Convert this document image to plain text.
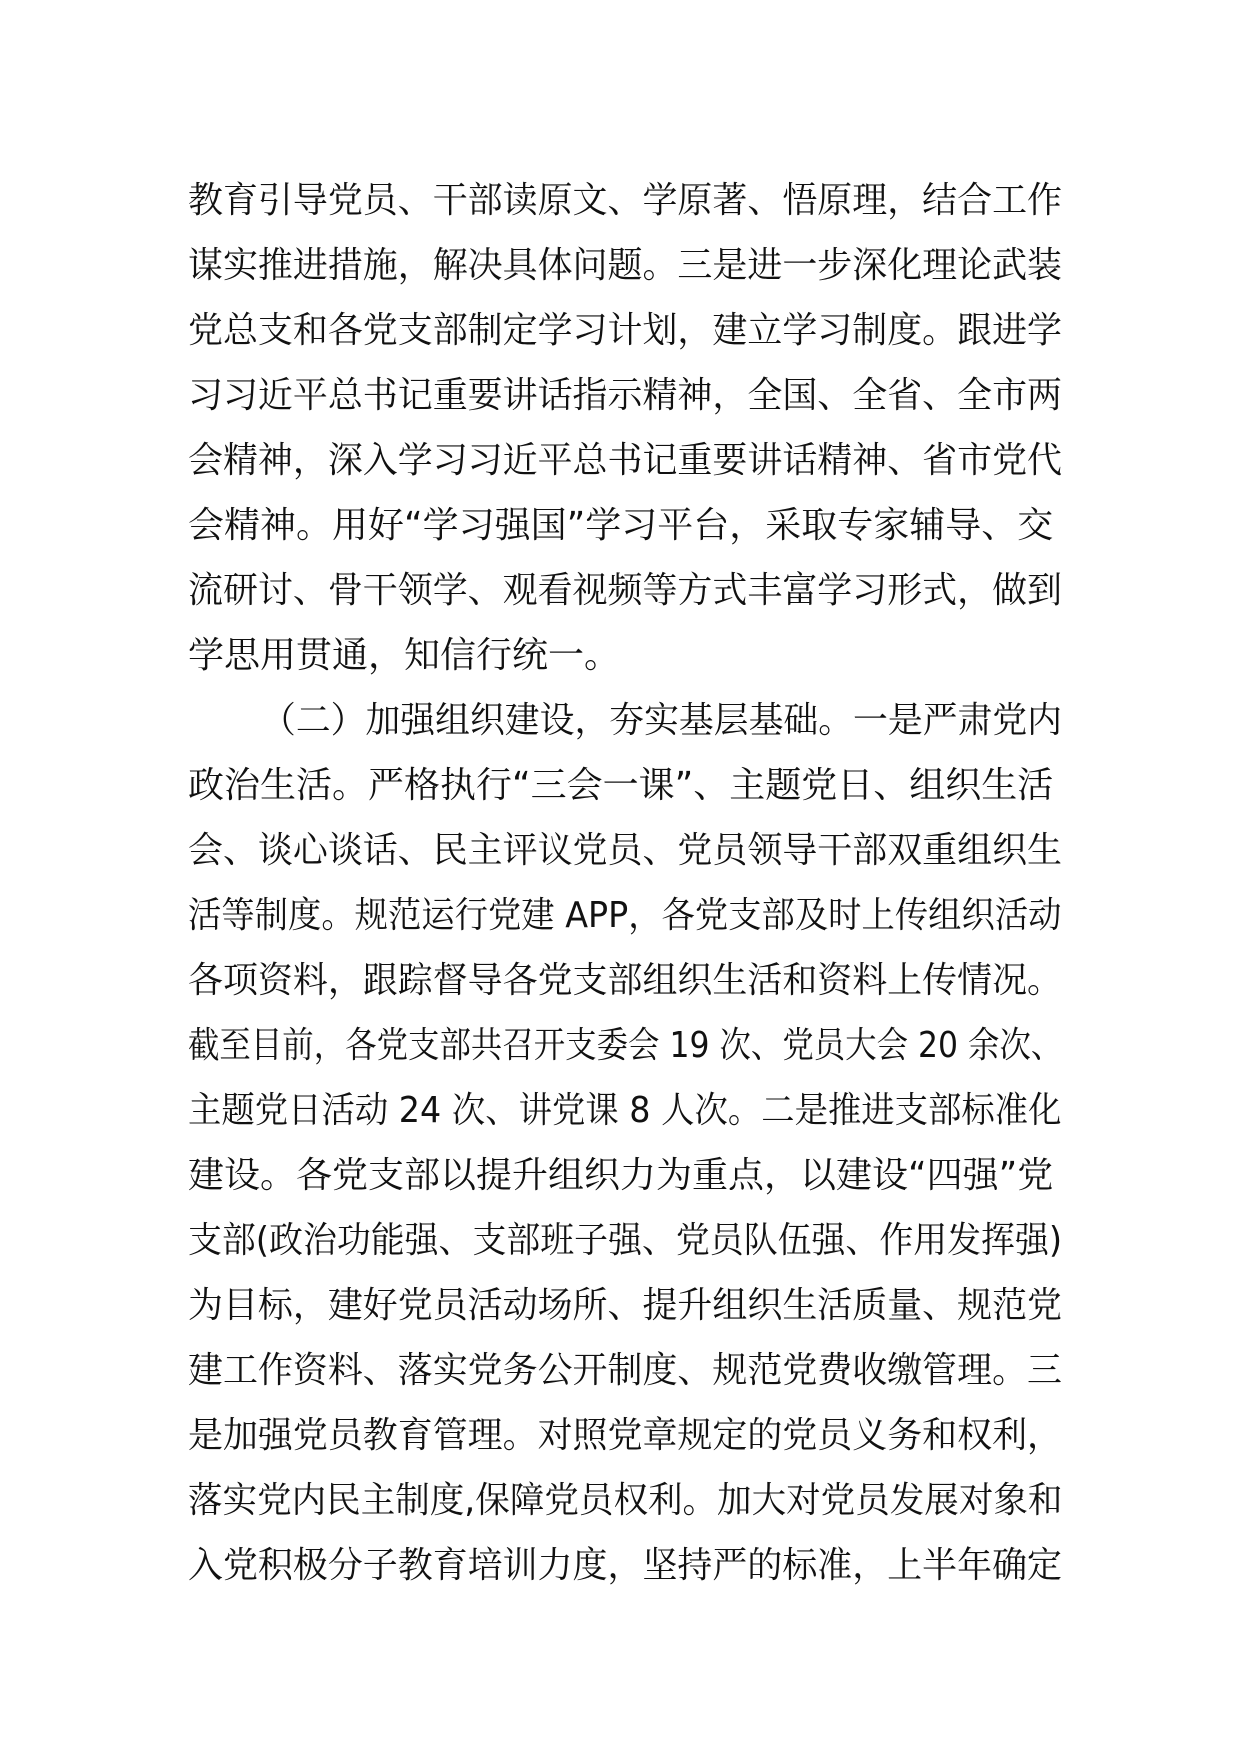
教育引导党员、干部读原文、学原著、悟原理，结合工作
谋实推进措施，解决具体问题。三是进一步深化理论武装
党总支和各党支部制定学习计划，建立学习制度。跟进学
习习近平总书记重要讲话指示精神，全国、全省、全市两
会精神，深入学习习近平总书记重要讲话精神、省市党代
会精神。用好“学习强国”学习平台，采取专家辅导、交
流研讨、骨干领学、观看视频等方式丰富学习形式，做到
学思用贯通，知信行统一。
（二）加强组织建设，夯实基层基础。一是严肃党内
政治生活。严格执行“三会一课”、主题党日、组织生活
会、谈心谈话、民主评议党员、党员领导干部双重组织生
活等制度。规范运行党建 APP，各党支部及时上传组织活动
各项资料，跟踪督导各党支部组织生活和资料上传情况。
截至目前，各党支部共召开支委会 19 次、党员大会 20 余次、
主题党日活动 24 次、讲党课 8 人次。二是推进支部标准化
建设。各党支部以提升组织力为重点，以建设“四强”党
支部(政治功能强、支部班子强、党员队伍强、作用发挥强)
为目标，建好党员活动场所、提升组织生活质量、规范党
建工作资料、落实党务公开制度、规范党费收缴管理。三
是加强党员教育管理。对照党章规定的党员义务和权利，
落实党内民主制度,保障党员权利。加大对党员发展对象和
入党积极分子教育培训力度，坚持严的标准，上半年确定
